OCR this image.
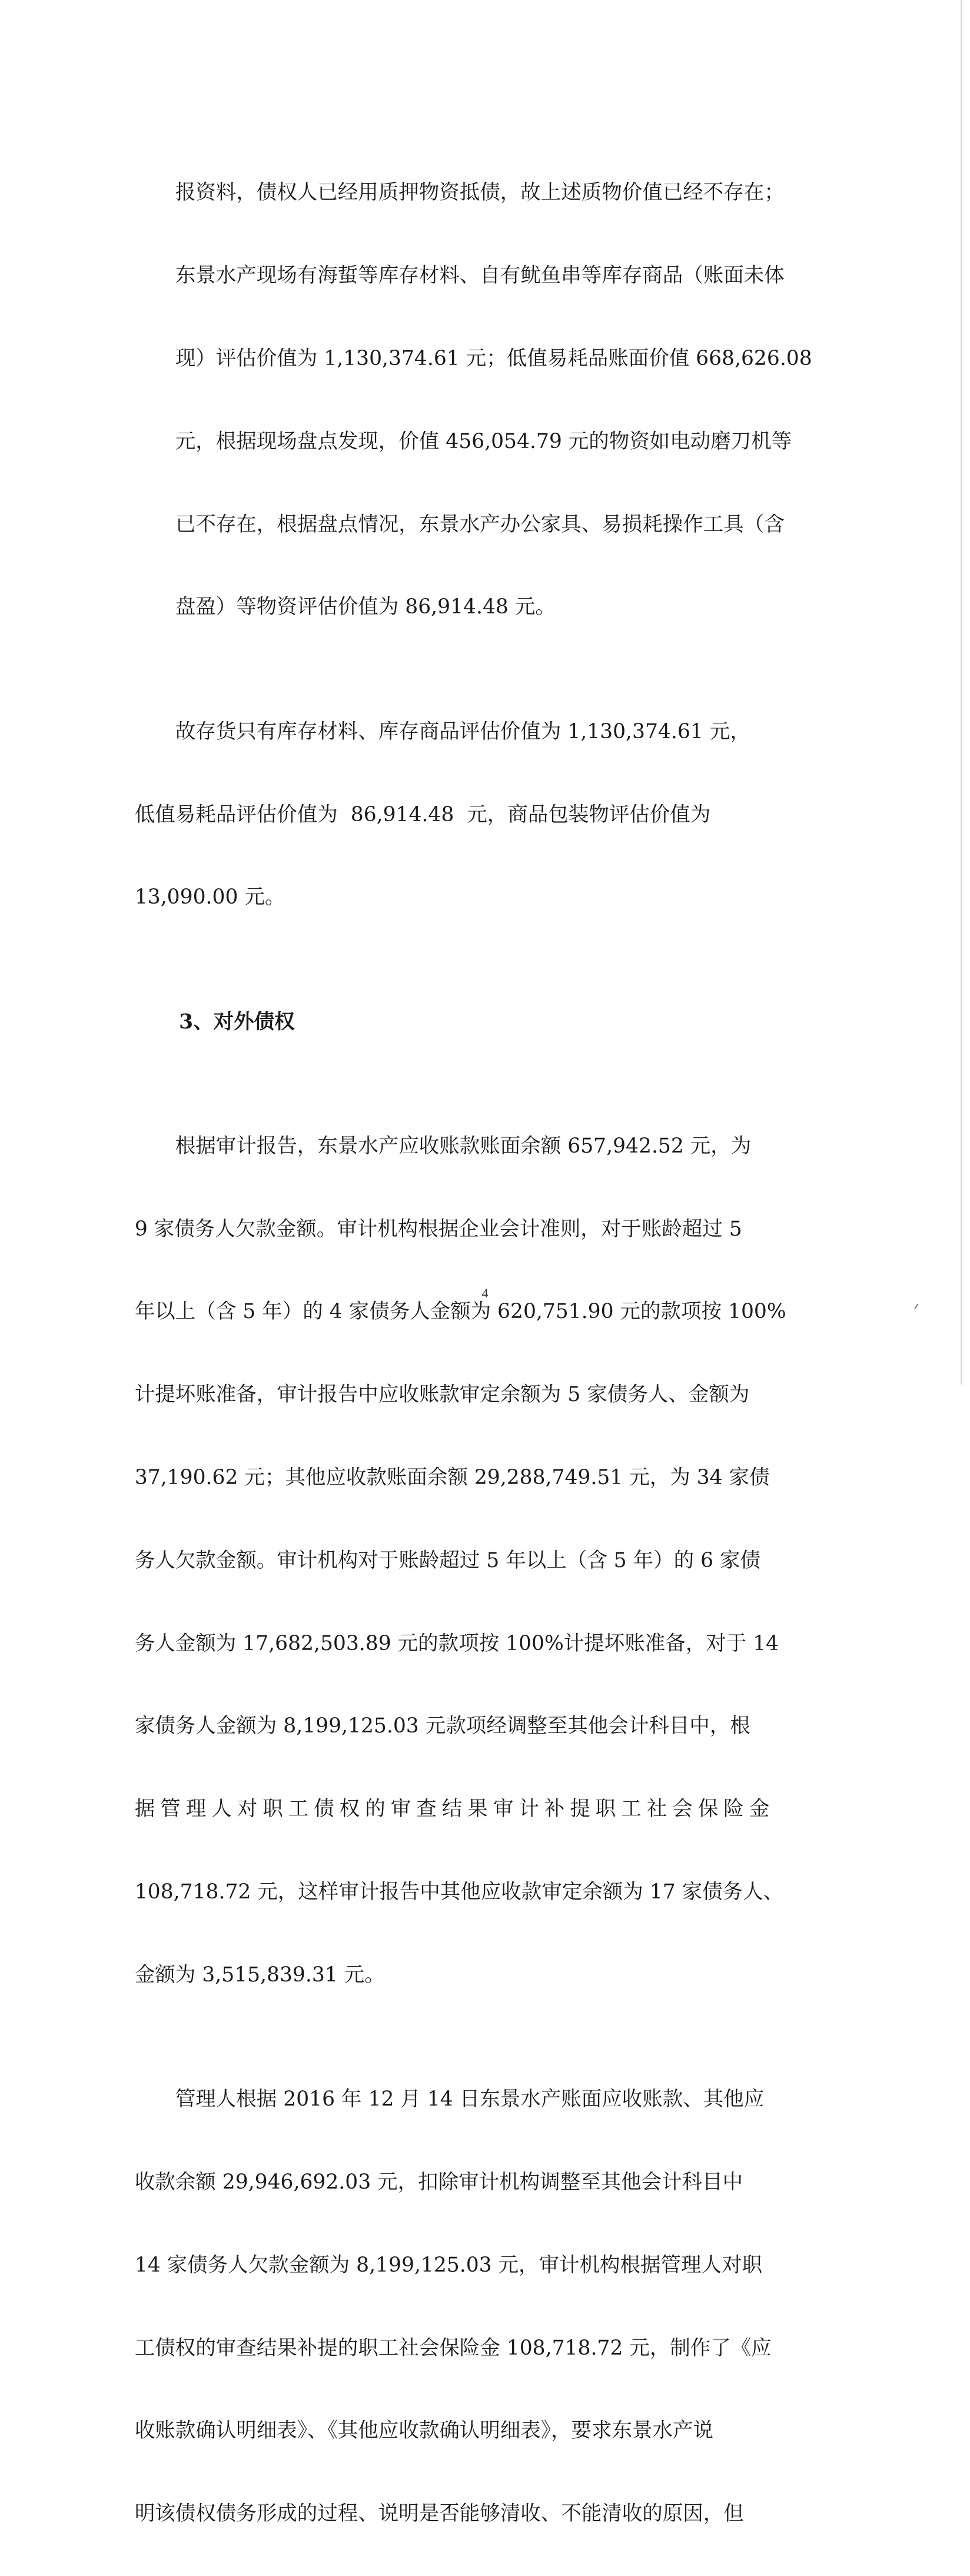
报资料，债权人已经用质押物资抵债，故上述质物价值已经不存在；

东景水产现场有海蜇等库存材料、自有鱿鱼串等库存商品（账面未体

现）评估价值为 1,130,374.61 元；低值易耗品账面价值 668,626.08

元，根据现场盘点发现，价值 456,054.79 元的物资如电动磨刀机等

已不存在，根据盘点情况，东景水产办公家具、易损耗操作工具（含

盘盈）等物资评估价值为 86,914.48 元。

故存货只有库存材料、库存商品评估价值为 1,130,374.61 元，

低值易耗品评估价值为  86,914.48  元，商品包装物评估价值为

13,090.00 元。

3、对外债权

根据审计报告，东景水产应收账款账面余额 657,942.52 元，为

9 家债务人欠款金额。审计机构根据企业会计准则，对于账龄超过 5

年以上（含 5 年）的 4 家债务人金额为 620,751.90 元的款项按 100%

计提坏账准备，审计报告中应收账款审定余额为 5 家债务人、金额为

37,190.62 元；其他应收款账面余额 29,288,749.51 元，为 34 家债

务人欠款金额。审计机构对于账龄超过 5 年以上（含 5 年）的 6 家债

务人金额为 17,682,503.89 元的款项按 100%计提坏账准备，对于 14

家债务人金额为 8,199,125.03 元款项经调整至其他会计科目中，根

据管理人对职工债权的审查结果审计补提职工社会保险金

108,718.72 元，这样审计报告中其他应收款审定余额为 17 家债务人、

金额为 3,515,839.31 元。

管理人根据 2016 年 12 月 14 日东景水产账面应收账款、其他应

收款余额 29,946,692.03 元，扣除审计机构调整至其他会计科目中

14 家债务人欠款金额为 8,199,125.03 元，审计机构根据管理人对职

工债权的审查结果补提的职工社会保险金 108,718.72 元，制作了《应

收账款确认明细表》、《其他应收款确认明细表》，要求东景水产说

明该债权债务形成的过程、说明是否能够清收、不能清收的原因，但

4
